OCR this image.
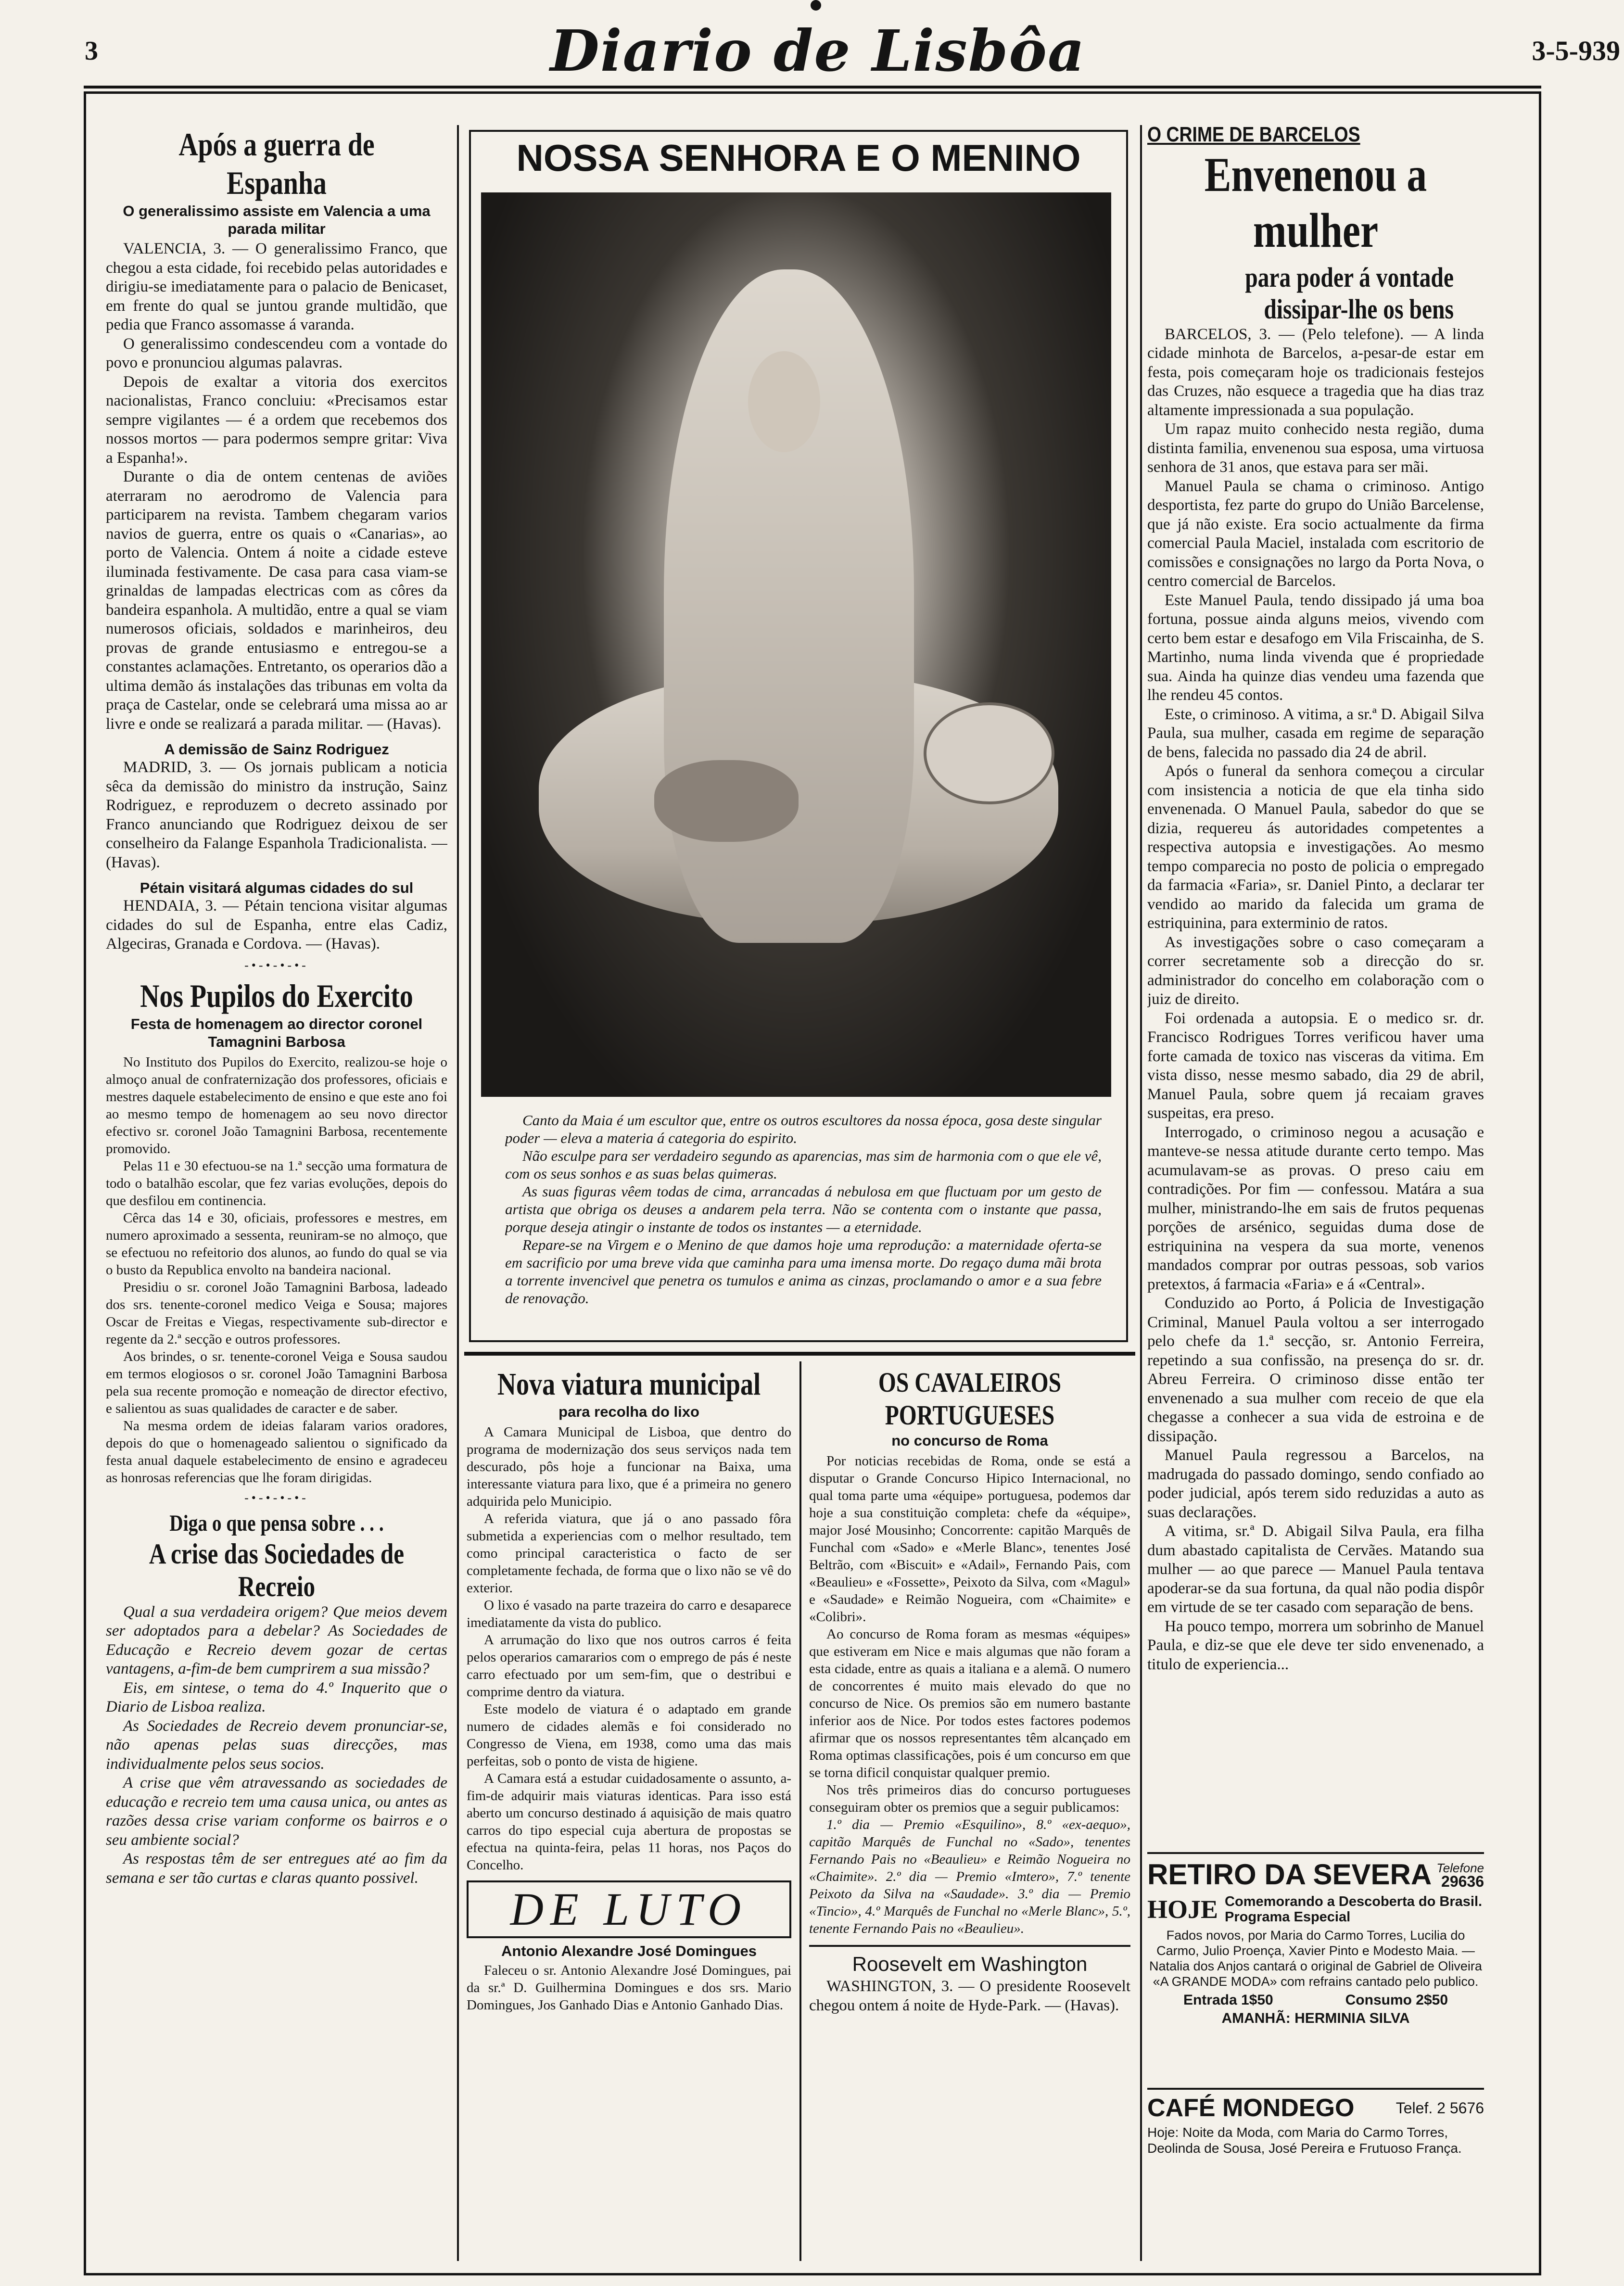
3	Diario de Lisbôa	3-5-939
Após a guerra de Espanha
O generalissimo assiste em Valencia a uma parada militar

VALENCIA, 3. — O generalissimo Franco, que chegou a esta cidade, foi recebido pelas autoridades e dirigiu-se imediatamente para o palacio de Benicaset, em frente do qual se juntou grande multidão, que pedia que Franco assomasse á varanda.

O generalissimo condescendeu com a vontade do povo e pronunciou algumas palavras.

Depois de exaltar a vitoria dos exercitos nacionalistas, Franco concluiu: «Precisamos estar sempre vigilantes — é a ordem que recebemos dos nossos mortos — para podermos sempre gritar: Viva a Espanha!».

Durante o dia de ontem centenas de aviões aterraram no aerodromo de Valencia para participarem na revista. Tambem chegaram varios navios de guerra, entre os quais o «Canarias», ao porto de Valencia. Ontem á noite a cidade esteve iluminada festivamente. De casa para casa viam-se grinaldas de lampadas electricas com as côres da bandeira espanhola. A multidão, entre a qual se viam numerosos oficiais, soldados e marinheiros, deu provas de grande entusiasmo e entregou-se a constantes aclamações. Entretanto, os operarios dão a ultima demão ás instalações das tribunas em volta da praça de Castelar, onde se celebrará uma missa ao ar livre e onde se realizará a parada militar. — (Havas).

A demissão de Sainz Rodriguez

MADRID, 3. — Os jornais publicam a noticia sêca da demissão do ministro da instrução, Sainz Rodriguez, e reproduzem o decreto assinado por Franco anunciando que Rodriguez deixou de ser conselheiro da Falange Espanhola Tradicionalista. — (Havas).

Pétain visitará algumas cidades do sul

HENDAIA, 3. — Pétain tenciona visitar algumas cidades do sul de Espanha, entre elas Cadiz, Algeciras, Granada e Cordova. — (Havas).

-•-•-•-•-
Nos Pupilos do Exercito
Festa de homenagem ao director coronel Tamagnini Barbosa

No Instituto dos Pupilos do Exercito, realizou-se hoje o almoço anual de confraternização dos professores, oficiais e mestres daquele estabelecimento de ensino e que este ano foi ao mesmo tempo de homenagem ao seu novo director efectivo sr. coronel João Tamagnini Barbosa, recentemente promovido.

Pelas 11 e 30 efectuou-se na 1.ª secção uma formatura de todo o batalhão escolar, que fez varias evoluções, depois do que desfilou em continencia.

Cêrca das 14 e 30, oficiais, professores e mestres, em numero aproximado a sessenta, reuniram-se no almoço, que se efectuou no refeitorio dos alunos, ao fundo do qual se via o busto da Republica envolto na bandeira nacional.

Presidiu o sr. coronel João Tamagnini Barbosa, ladeado dos srs. tenente-coronel medico Veiga e Sousa; majores Oscar de Freitas e Viegas, respectivamente sub-director e regente da 2.ª secção e outros professores.

Aos brindes, o sr. tenente-coronel Veiga e Sousa saudou em termos elogiosos o sr. coronel João Tamagnini Barbosa pela sua recente promoção e nomeação de director efectivo, e salientou as suas qualidades de caracter e de saber.

Na mesma ordem de ideias falaram varios oradores, depois do que o homenageado salientou o significado da festa anual daquele estabelecimento de ensino e agradeceu as honrosas referencias que lhe foram dirigidas.

-•-•-•-•-
Diga o que pensa sobre . . .
A crise das Sociedades de Recreio

Qual a sua verdadeira origem? Que meios devem ser adoptados para a debelar? As Sociedades de Educação e Recreio devem gozar de certas vantagens, a-fim-de bem cumprirem a sua missão?

Eis, em sintese, o tema do 4.º Inquerito que o Diario de Lisboa realiza.

As Sociedades de Recreio devem pronunciar-se, não apenas pelas suas direcções, mas individualmente pelos seus socios.

A crise que vêm atravessando as sociedades de educação e recreio tem uma causa unica, ou antes as razões dessa crise variam conforme os bairros e o seu ambiente social?

As respostas têm de ser entregues até ao fim da semana e ser tão curtas e claras quanto possivel.

NOSSA SENHORA E O MENINO

Canto da Maia é um escultor que, entre os outros escultores da nossa época, gosa deste singular poder — eleva a materia á categoria do espirito.

Não esculpe para ser verdadeiro segundo as aparencias, mas sim de harmonia com o que ele vê, com os seus sonhos e as suas belas quimeras.

As suas figuras vêem todas de cima, arrancadas á nebulosa em que fluctuam por um gesto de artista que obriga os deuses a andarem pela terra. Não se contenta com o instante que passa, porque deseja atingir o instante de todos os instantes — a eternidade.

Repare-se na Virgem e o Menino de que damos hoje uma reprodução: a maternidade oferta-se em sacrificio por uma breve vida que caminha para uma imensa morte. Do regaço duma mãi brota a torrente invencivel que penetra os tumulos e anima as cinzas, proclamando o amor e a sua febre de renovação.

Nova viatura municipal
para recolha do lixo

A Camara Municipal de Lisboa, que dentro do programa de modernização dos seus serviços nada tem descurado, pôs hoje a funcionar na Baixa, uma interessante viatura para lixo, que é a primeira no genero adquirida pelo Municipio.

A referida viatura, que já o ano passado fôra submetida a experiencias com o melhor resultado, tem como principal caracteristica o facto de ser completamente fechada, de forma que o lixo não se vê do exterior.

O lixo é vasado na parte trazeira do carro e desaparece imediatamente da vista do publico.

A arrumação do lixo que nos outros carros é feita pelos operarios camararios com o emprego de pás é neste carro efectuado por um sem-fim, que o destribui e comprime dentro da viatura.

Este modelo de viatura é o adaptado em grande numero de cidades alemãs e foi considerado no Congresso de Viena, em 1938, como uma das mais perfeitas, sob o ponto de vista de higiene.

A Camara está a estudar cuidadosamente o assunto, a-fim-de adquirir mais viaturas identicas. Para isso está aberto um concurso destinado á aquisição de mais quatro carros do tipo especial cuja abertura de propostas se efectua na quinta-feira, pelas 11 horas, nos Paços do Concelho.

DE LUTO
Antonio Alexandre José Domingues

Faleceu o sr. Antonio Alexandre José Domingues, pai da sr.ª D. Guilhermina Domingues e dos srs. Mario Domingues, Jos Ganhado Dias e Antonio Ganhado Dias.

OS CAVALEIROS PORTUGUESES
no concurso de Roma

Por noticias recebidas de Roma, onde se está a disputar o Grande Concurso Hipico Internacional, no qual toma parte uma «équipe» portuguesa, podemos dar hoje a sua constituição completa: chefe da «équipe», major José Mousinho; Concorrente: capitão Marquês de Funchal com «Sado» e «Merle Blanc», tenentes José Beltrão, com «Biscuit» e «Adail», Fernando Pais, com «Beaulieu» e «Fossette», Peixoto da Silva, com «Magul» e «Saudade» e Reimão Nogueira, com «Chaimite» e «Colibri».

Ao concurso de Roma foram as mesmas «équipes» que estiveram em Nice e mais algumas que não foram a esta cidade, entre as quais a italiana e a alemã. O numero de concorrentes é muito mais elevado do que no concurso de Nice. Os premios são em numero bastante inferior aos de Nice. Por todos estes factores podemos afirmar que os nossos representantes têm alcançado em Roma optimas classificações, pois é um concurso em que se torna dificil conquistar qualquer premio.

Nos três primeiros dias do concurso portugueses conseguiram obter os premios que a seguir publicamos:

1.º dia — Premio «Esquilino», 8.º «ex-aequo», capitão Marquês de Funchal no «Sado», tenentes Fernando Pais no «Beaulieu» e Reimão Nogueira no «Chaimite». 2.º dia — Premio «Imtero», 7.º tenente Peixoto da Silva na «Saudade». 3.º dia — Premio «Tincio», 4.º Marquês de Funchal no «Merle Blanc», 5.º, tenente Fernando Pais no «Beaulieu».

Roosevelt em Washington

WASHINGTON, 3. — O presidente Roosevelt chegou ontem á noite de Hyde-Park. — (Havas).

O CRIME DE BARCELOS
Envenenou a mulher
para poder á vontade dissipar-lhe os bens

BARCELOS, 3. — (Pelo telefone). — A linda cidade minhota de Barcelos, a-pesar-de estar em festa, pois começaram hoje os tradicionais festejos das Cruzes, não esquece a tragedia que ha dias traz altamente impressionada a sua população.

Um rapaz muito conhecido nesta região, duma distinta familia, envenenou sua esposa, uma virtuosa senhora de 31 anos, que estava para ser mãi.

Manuel Paula se chama o criminoso. Antigo desportista, fez parte do grupo do União Barcelense, que já não existe. Era socio actualmente da firma comercial Paula Maciel, instalada com escritorio de comissões e consignações no largo da Porta Nova, o centro comercial de Barcelos.

Este Manuel Paula, tendo dissipado já uma boa fortuna, possue ainda alguns meios, vivendo com certo bem estar e desafogo em Vila Friscainha, de S. Martinho, numa linda vivenda que é propriedade sua. Ainda ha quinze dias vendeu uma fazenda que lhe rendeu 45 contos.

Este, o criminoso. A vitima, a sr.ª D. Abigail Silva Paula, sua mulher, casada em regime de separação de bens, falecida no passado dia 24 de abril.

Após o funeral da senhora começou a circular com insistencia a noticia de que ela tinha sido envenenada. O Manuel Paula, sabedor do que se dizia, requereu ás autoridades competentes a respectiva autopsia e investigações. Ao mesmo tempo comparecia no posto de policia o empregado da farmacia «Faria», sr. Daniel Pinto, a declarar ter vendido ao marido da falecida um grama de estriquinina, para exterminio de ratos.

As investigações sobre o caso começaram a correr secretamente sob a direcção do sr. administrador do concelho em colaboração com o juiz de direito.

Foi ordenada a autopsia. E o medico sr. dr. Francisco Rodrigues Torres verificou haver uma forte camada de toxico nas visceras da vitima. Em vista disso, nesse mesmo sabado, dia 29 de abril, Manuel Paula, sobre quem já recaiam graves suspeitas, era preso.

Interrogado, o criminoso negou a acusação e manteve-se nessa atitude durante certo tempo. Mas acumulavam-se as provas. O preso caiu em contradições. Por fim — confessou. Matára a sua mulher, ministrando-lhe em sais de frutos pequenas porções de arsénico, seguidas duma dose de estriquinina na vespera da sua morte, venenos mandados comprar por outras pessoas, sob varios pretextos, á farmacia «Faria» e á «Central».

Conduzido ao Porto, á Policia de Investigação Criminal, Manuel Paula voltou a ser interrogado pelo chefe da 1.ª secção, sr. Antonio Ferreira, repetindo a sua confissão, na presença do sr. dr. Abreu Ferreira. O criminoso disse então ter envenenado a sua mulher com receio de que ela chegasse a conhecer a sua vida de estroina e de dissipação.

Manuel Paula regressou a Barcelos, na madrugada do passado domingo, sendo confiado ao poder judicial, após terem sido reduzidas a auto as suas declarações.

A vitima, sr.ª D. Abigail Silva Paula, era filha dum abastado capitalista de Cervães. Matando sua mulher — ao que parece — Manuel Paula tentava apoderar-se da sua fortuna, da qual não podia dispôr em virtude de se ter casado com separação de bens.

Ha pouco tempo, morrera um sobrinho de Manuel Paula, e diz-se que ele deve ter sido envenenado, a titulo de experiencia...

RETIRO DA SEVERA Telefone
29636
HOJE Comemorando a Descoberta do Brasil. Programa Especial
Fados novos, por Maria do Carmo Torres, Lucilia do Carmo, Julio Proença, Xavier Pinto e Modesto Maia. — Natalia dos Anjos cantará o original de Gabriel de Oliveira «A GRANDE MODA» com refrains cantado pelo publico.
Entrada 1$50	Consumo 2$50
AMANHÃ: HERMINIA SILVA
CAFÉ MONDEGO	Telef. 2 5676
Hoje: Noite da Moda, com Maria do Carmo Torres, Deolinda de Sousa, José Pereira e Frutuoso França.
